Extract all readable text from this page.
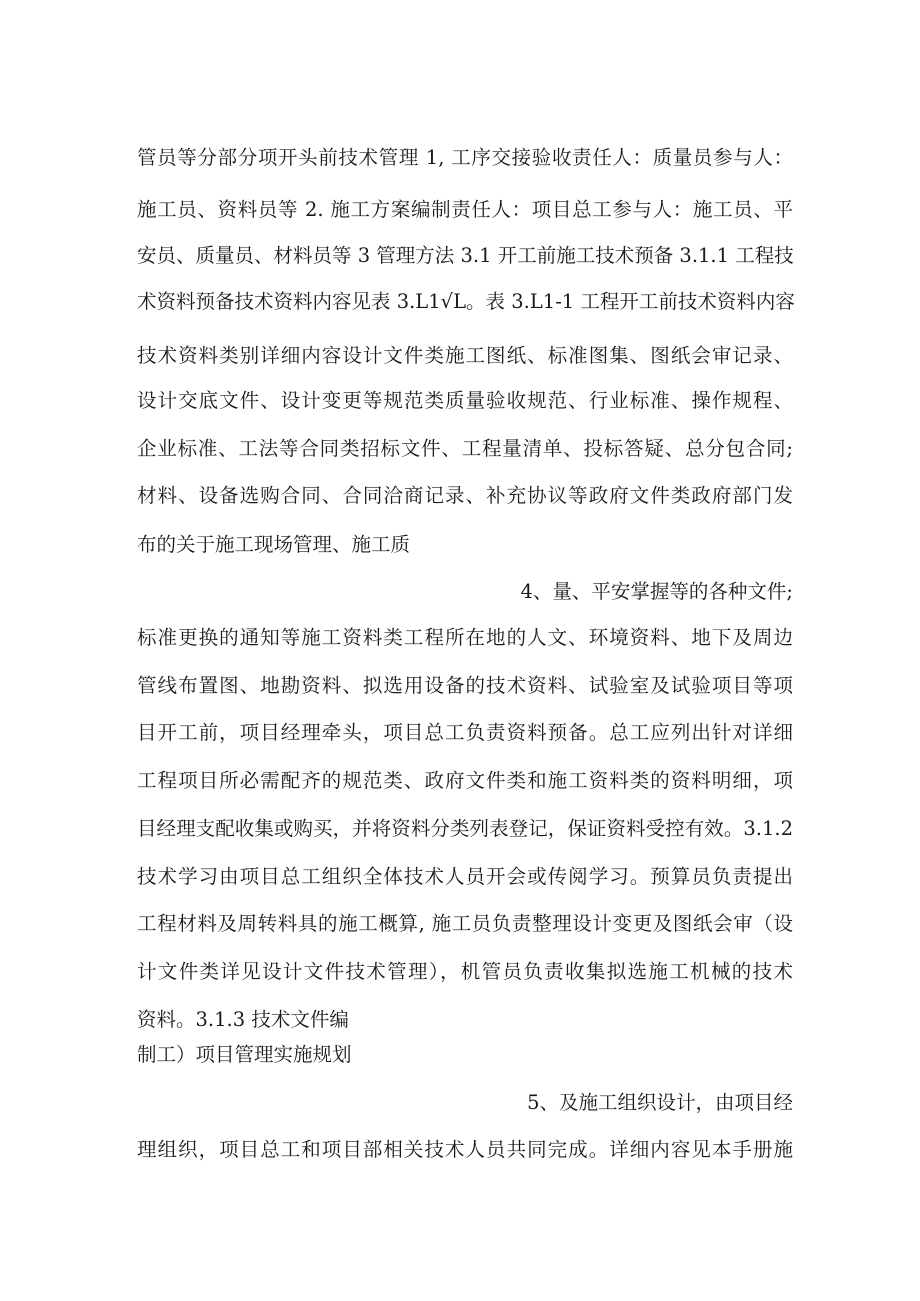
管员等分部分项开头前技术管理 1, 工序交接验收责任人：质量员参与人：
施工员、资料员等 2. 施工方案编制责任人：项目总工参与人：施工员、平
安员、质量员、材料员等 3 管理方法 3.1 开工前施工技术预备 3.1.1 工程技
术资料预备技术资料内容见表 3.L1√L。表 3.L1-1 工程开工前技术资料内容
技术资料类别详细内容设计文件类施工图纸、标准图集、图纸会审记录、
设计交底文件、设计变更等规范类质量验收规范、行业标准、操作规程、
企业标准、工法等合同类招标文件、工程量清单、投标答疑、总分包合同;
材料、设备选购合同、合同洽商记录、补充协议等政府文件类政府部门发
布的关于施工现场管理、施工质
4、量、平安掌握等的各种文件;
标准更换的通知等施工资料类工程所在地的人文、环境资料、地下及周边
管线布置图、地勘资料、拟选用设备的技术资料、试验室及试验项目等项
目开工前，项目经理牵头，项目总工负责资料预备。总工应列出针对详细
工程项目所必需配齐的规范类、政府文件类和施工资料类的资料明细，项
目经理支配收集或购买，并将资料分类列表登记，保证资料受控有效。3.1.2
技术学习由项目总工组织全体技术人员开会或传阅学习。预算员负责提出
工程材料及周转料具的施工概算, 施工员负责整理设计变更及图纸会审（设
计文件类详见设计文件技术管理），机管员负责收集拟选施工机械的技术
资料。3.1.3 技术文件编
制工）项目管理实施规划
5、及施工组织设计，由项目经
理组织，项目总工和项目部相关技术人员共同完成。详细内容见本手册施
